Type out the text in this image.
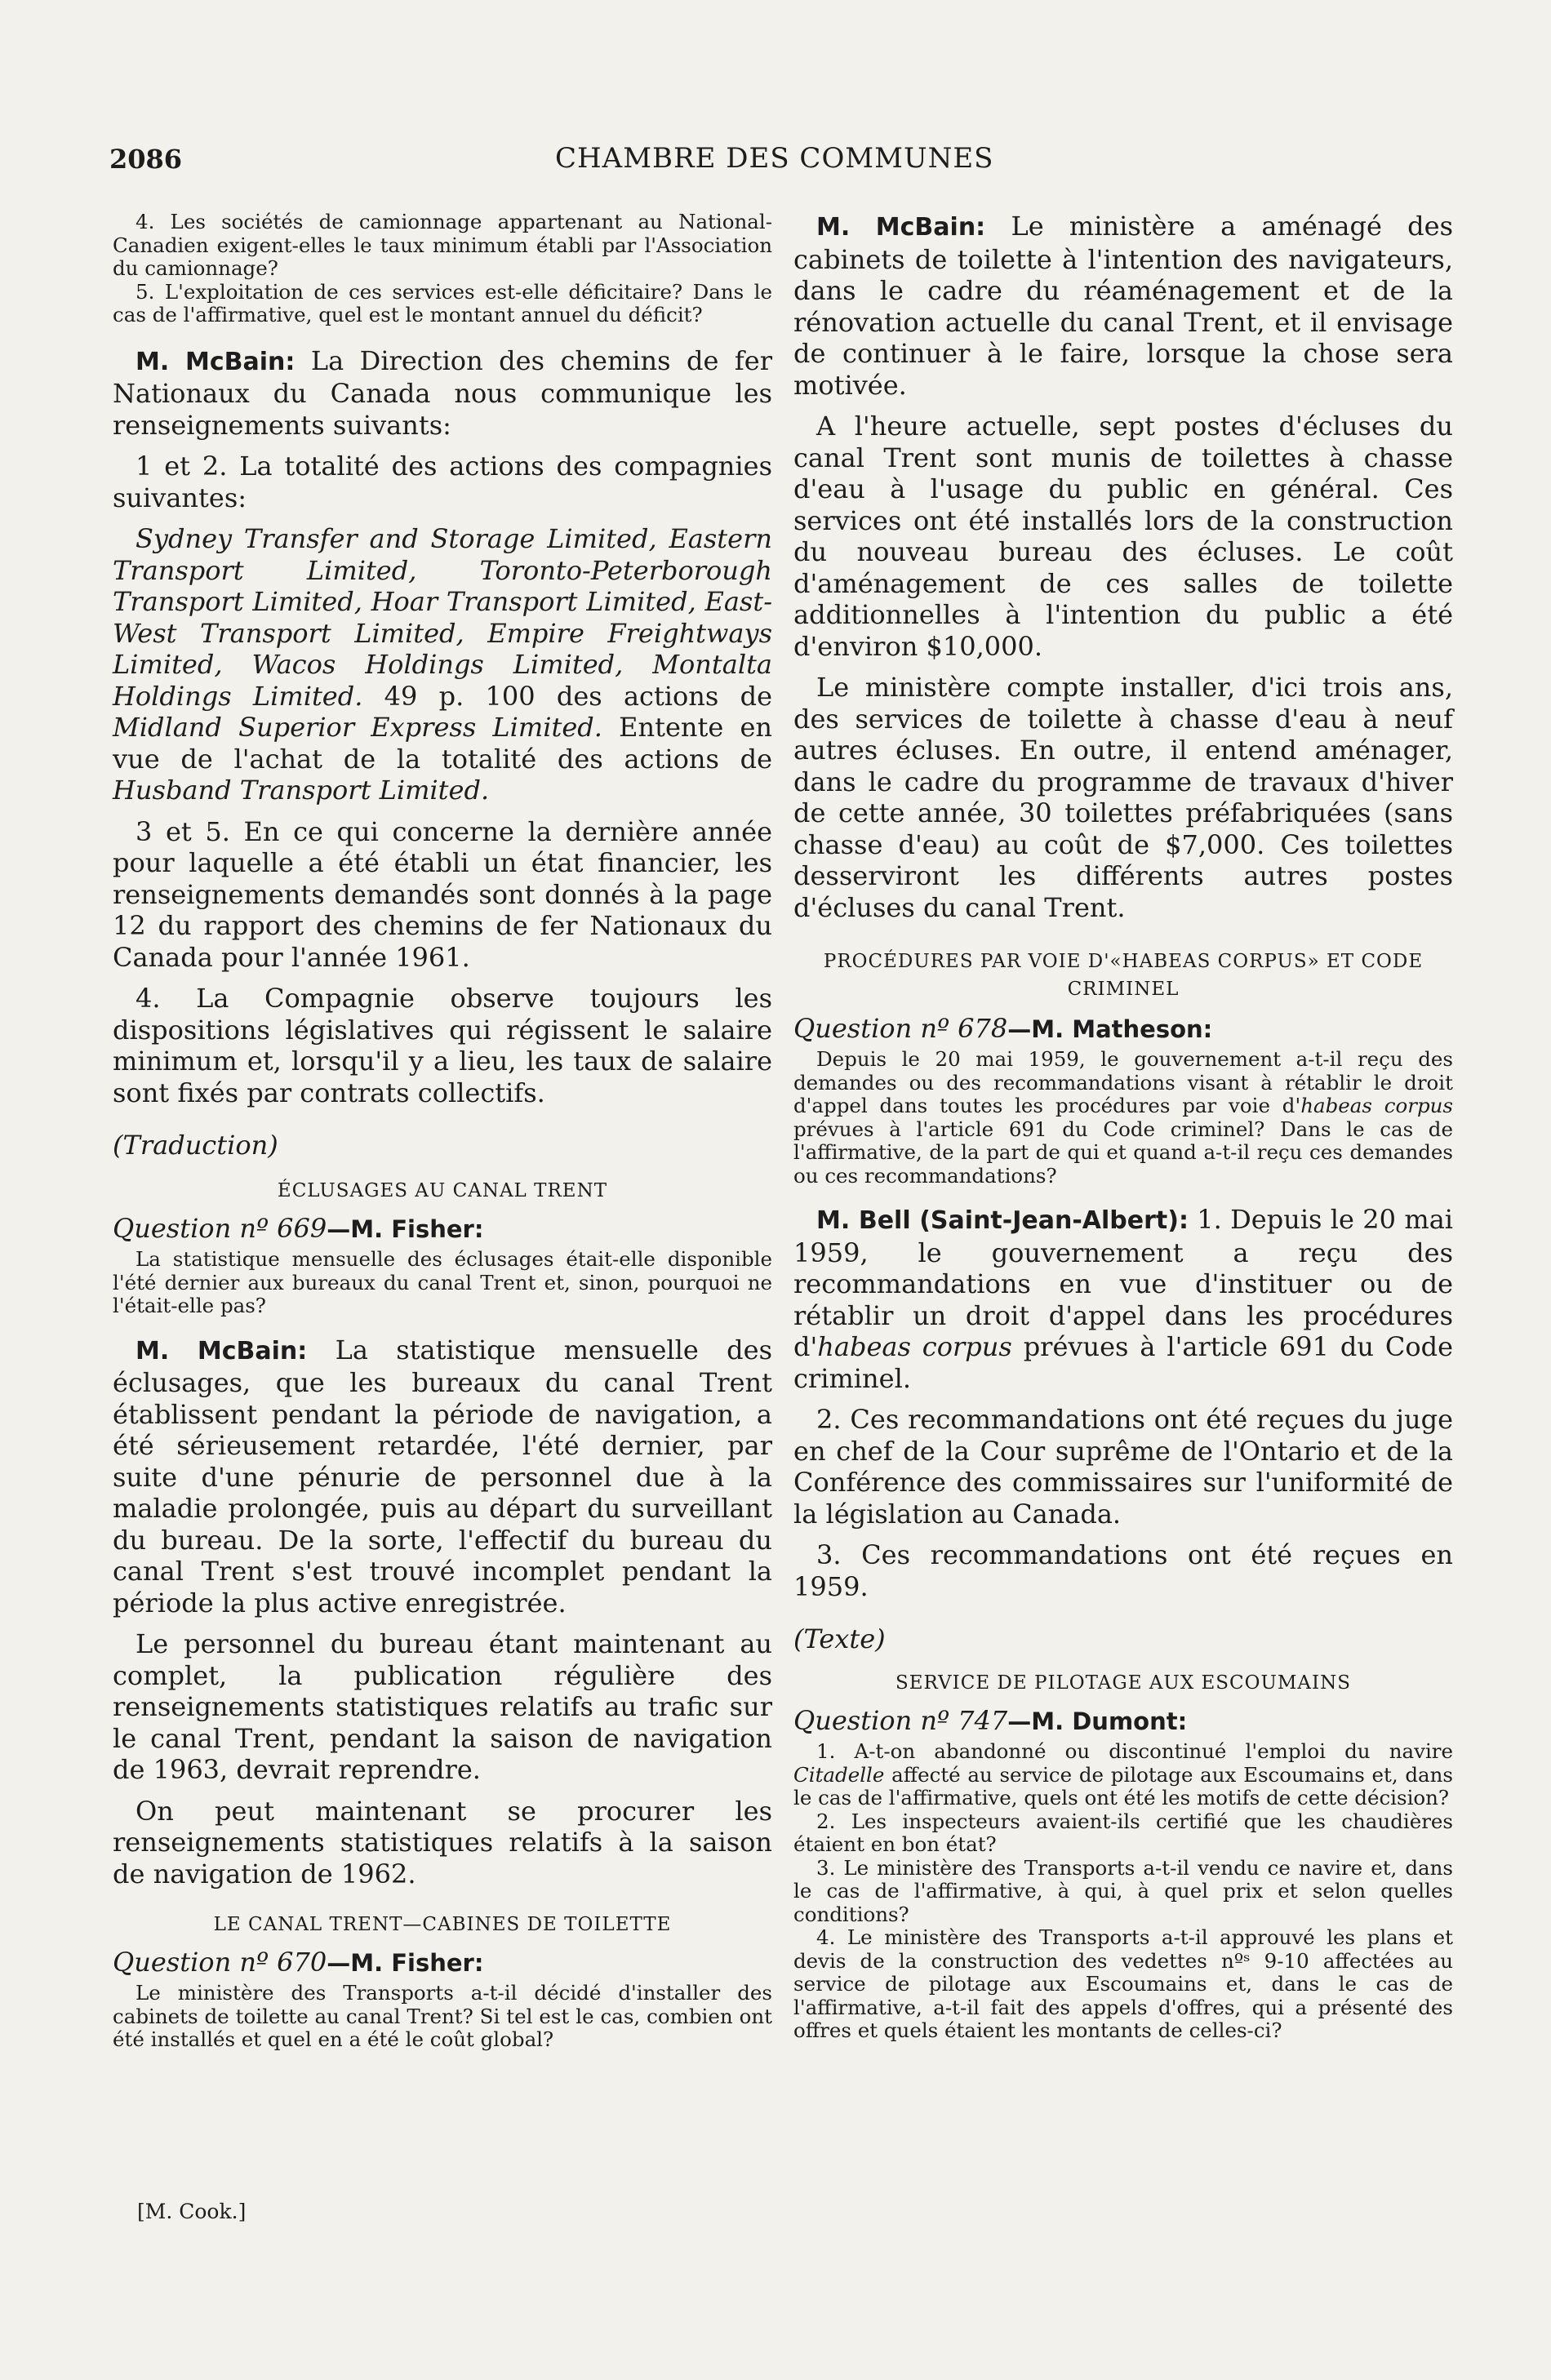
2086	CHAMBRE DES COMMUNES

4. Les sociétés de camionnage appartenant au National-Canadien exigent-elles le taux minimum établi par l'Association du camionnage?

5. L'exploitation de ces services est-elle déficitaire? Dans le cas de l'affirmative, quel est le montant annuel du déficit?

M. McBain: La Direction des chemins de fer Nationaux du Canada nous communique les renseignements suivants:

1 et 2. La totalité des actions des compagnies suivantes:

Sydney Transfer and Storage Limited, Eastern Transport Limited, Toronto-Peterborough Transport Limited, Hoar Transport Limited, East-West Transport Limited, Empire Freightways Limited, Wacos Holdings Limited, Montalta Holdings Limited. 49 p. 100 des actions de Midland Superior Express Limited. Entente en vue de l'achat de la totalité des actions de Husband Transport Limited.

3 et 5. En ce qui concerne la dernière année pour laquelle a été établi un état financier, les renseignements demandés sont donnés à la page 12 du rapport des chemins de fer Nationaux du Canada pour l'année 1961.

4. La Compagnie observe toujours les dispositions législatives qui régissent le salaire minimum et, lorsqu'il y a lieu, les taux de salaire sont fixés par contrats collectifs.

(Traduction)

ÉCLUSAGES AU CANAL TRENT

Question nº 669—M. Fisher:

La statistique mensuelle des éclusages était-elle disponible l'été dernier aux bureaux du canal Trent et, sinon, pourquoi ne l'était-elle pas?

M. McBain: La statistique mensuelle des éclusages, que les bureaux du canal Trent établissent pendant la période de navigation, a été sérieusement retardée, l'été dernier, par suite d'une pénurie de personnel due à la maladie prolongée, puis au départ du surveillant du bureau. De la sorte, l'effectif du bureau du canal Trent s'est trouvé incomplet pendant la période la plus active enregistrée.

Le personnel du bureau étant maintenant au complet, la publication régulière des renseignements statistiques relatifs au trafic sur le canal Trent, pendant la saison de navigation de 1963, devrait reprendre.

On peut maintenant se procurer les renseignements statistiques relatifs à la saison de navigation de 1962.

LE CANAL TRENT—CABINES DE TOILETTE

Question nº 670—M. Fisher:

Le ministère des Transports a-t-il décidé d'installer des cabinets de toilette au canal Trent? Si tel est le cas, combien ont été installés et quel en a été le coût global?

[M. Cook.]

M. McBain: Le ministère a aménagé des cabinets de toilette à l'intention des navigateurs, dans le cadre du réaménagement et de la rénovation actuelle du canal Trent, et il envisage de continuer à le faire, lorsque la chose sera motivée.

A l'heure actuelle, sept postes d'écluses du canal Trent sont munis de toilettes à chasse d'eau à l'usage du public en général. Ces services ont été installés lors de la construction du nouveau bureau des écluses. Le coût d'aménagement de ces salles de toilette additionnelles à l'intention du public a été d'environ $10,000.

Le ministère compte installer, d'ici trois ans, des services de toilette à chasse d'eau à neuf autres écluses. En outre, il entend aménager, dans le cadre du programme de travaux d'hiver de cette année, 30 toilettes préfabriquées (sans chasse d'eau) au coût de $7,000. Ces toilettes desserviront les différents autres postes d'écluses du canal Trent.

PROCÉDURES PAR VOIE D'«HABEAS CORPUS» ET CODE CRIMINEL

Question nº 678—M. Matheson:

Depuis le 20 mai 1959, le gouvernement a-t-il reçu des demandes ou des recommandations visant à rétablir le droit d'appel dans toutes les procédures par voie d'habeas corpus prévues à l'article 691 du Code criminel? Dans le cas de l'affirmative, de la part de qui et quand a-t-il reçu ces demandes ou ces recommandations?

M. Bell (Saint-Jean-Albert): 1. Depuis le 20 mai 1959, le gouvernement a reçu des recommandations en vue d'instituer ou de rétablir un droit d'appel dans les procédures d'habeas corpus prévues à l'article 691 du Code criminel.

2. Ces recommandations ont été reçues du juge en chef de la Cour suprême de l'Ontario et de la Conférence des commissaires sur l'uniformité de la législation au Canada.

3. Ces recommandations ont été reçues en 1959.

(Texte)

SERVICE DE PILOTAGE AUX ESCOUMAINS

Question nº 747—M. Dumont:

1. A-t-on abandonné ou discontinué l'emploi du navire Citadelle affecté au service de pilotage aux Escoumains et, dans le cas de l'affirmative, quels ont été les motifs de cette décision?

2. Les inspecteurs avaient-ils certifié que les chaudières étaient en bon état?

3. Le ministère des Transports a-t-il vendu ce navire et, dans le cas de l'affirmative, à qui, à quel prix et selon quelles conditions?

4. Le ministère des Transports a-t-il approuvé les plans et devis de la construction des vedettes nºˢ 9-10 affectées au service de pilotage aux Escoumains et, dans le cas de l'affirmative, a-t-il fait des appels d'offres, qui a présenté des offres et quels étaient les montants de celles-ci?
